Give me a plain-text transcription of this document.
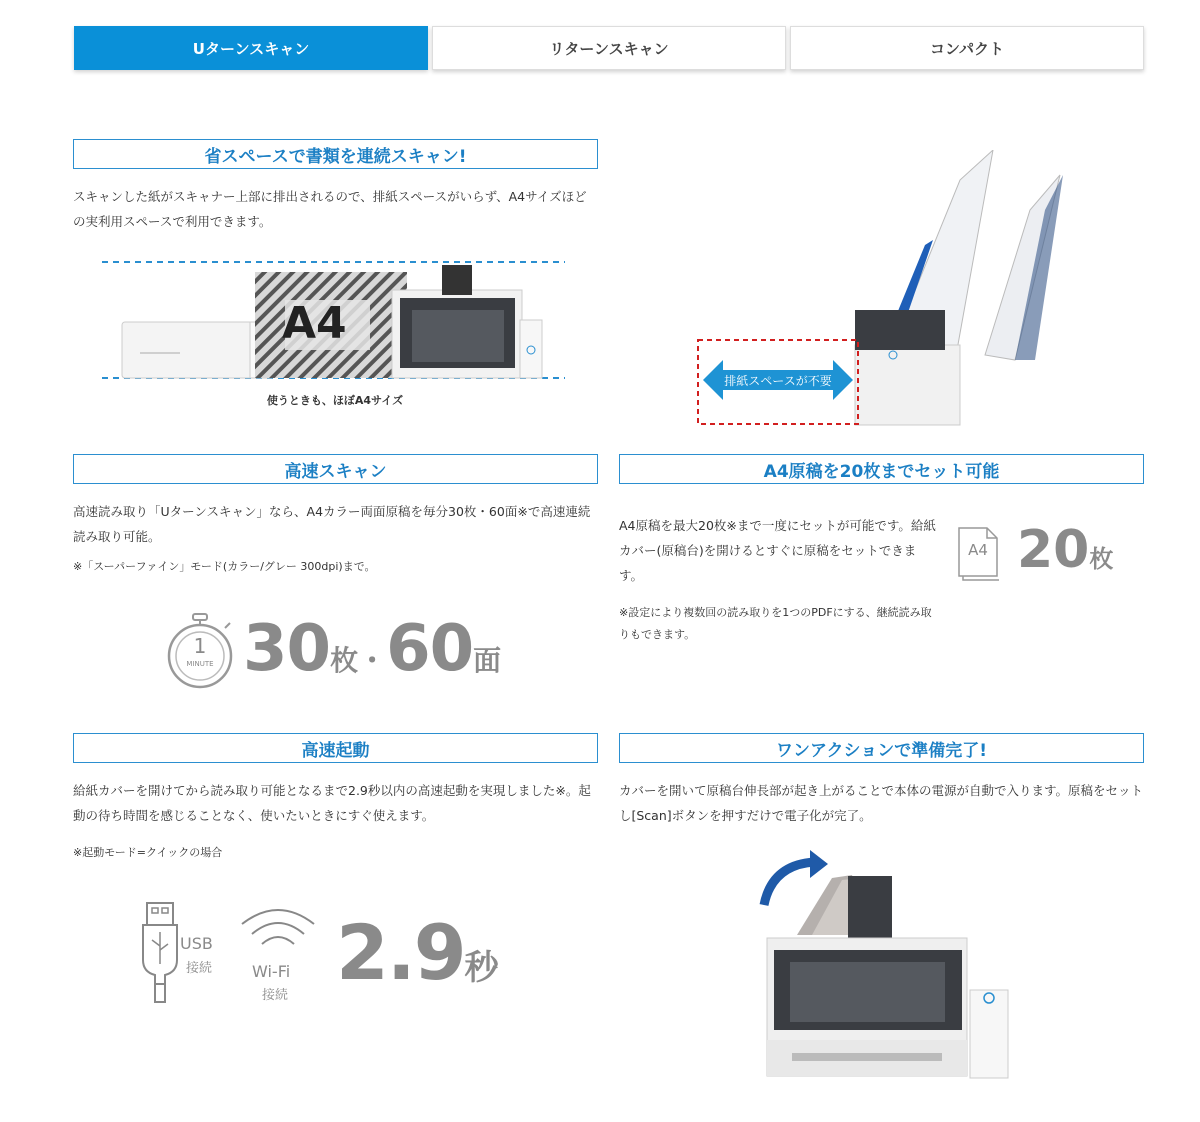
Uターンスキャン	リターンスキャン	コンパクト
省スペースで書類を連続スキャン!
スキャンした紙がスキャナー上部に排出されるので、排紙スペースがいらず、A4サイズほどの実利用スペースで利用できます。
A4
使うときも、ほぼA4サイズ
排紙スペースが不要
高速スキャン
高速読み取り「Uターンスキャン」なら、A4カラー両面原稿を毎分30枚・60面※で高速連続読み取り可能。
※「スーパーファイン」モード(カラー/グレー 300dpi)まで。
1
MINUTE 30枚・60面
A4原稿を20枚までセット可能
A4原稿を最大20枚※まで一度にセットが可能です。給紙カバー(原稿台)を開けるとすぐに原稿をセットできます。
※設定により複数回の読み取りを1つのPDFにする、継続読み取りもできます。
A4 20枚
高速起動
給紙カバーを開けてから読み取り可能となるまで2.9秒以内の高速起動を実現しました※。起動の待ち時間を感じることなく、使いたいときにすぐ使えます。
※起動モード=クイックの場合
USB
接続 Wi-Fi
接続 2.9秒
ワンアクションで準備完了!
カバーを開いて原稿台伸長部が起き上がることで本体の電源が自動で入ります。原稿をセットし[Scan]ボタンを押すだけで電子化が完了。
